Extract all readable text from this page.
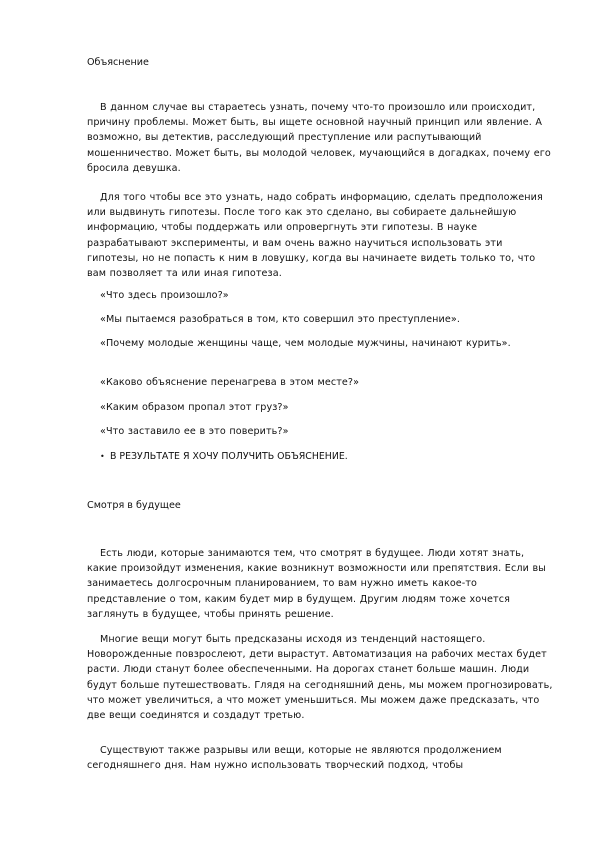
Объяснение

В данном случае вы стараетесь узнать, почему что-то произошло или происходит, причину проблемы. Может быть, вы ищете основной научный принцип или явление. А возможно, вы детектив, расследующий преступление или распутывающий мошенничество. Может быть, вы молодой человек, мучающийся в догадках, почему его бросила девушка.

Для того чтобы все это узнать, надо собрать информацию, сделать предположения или выдвинуть гипотезы. После того как это сделано, вы собираете дальнейшую информацию, чтобы поддержать или опровергнуть эти гипотезы. В науке разрабатывают эксперименты, и вам очень важно научиться использовать эти гипотезы, но не попасть к ним в ловушку, когда вы начинаете видеть только то, что вам позволяет та или иная гипотеза.

«Что здесь произошло?»

«Мы пытаемся разобраться в том, кто совершил это преступление».

«Почему молодые женщины чаще, чем молодые мужчины, начинают курить».

«Каково объяснение перенагрева в этом месте?»

«Каким образом пропал этот груз?»

«Что заставило ее в это поверить?»

• В РЕЗУЛЬТАТЕ Я ХОЧУ ПОЛУЧИТЬ ОБЪЯСНЕНИЕ.

Смотря в будущее

Есть люди, которые занимаются тем, что смотрят в будущее. Люди хотят знать, какие произойдут изменения, какие возникнут возможности или препятствия. Если вы занимаетесь долгосрочным планированием, то вам нужно иметь какое-то представление о том, каким будет мир в будущем. Другим людям тоже хочется заглянуть в будущее, чтобы принять решение.

Многие вещи могут быть предсказаны исходя из тенденций настоящего. Новорожденные повзрослеют, дети вырастут. Автоматизация на рабочих местах будет расти. Люди станут более обеспеченными. На дорогах станет больше машин. Люди будут больше путешествовать. Глядя на сегодняшний день, мы можем прогнозировать, что может увеличиться, а что может уменьшиться. Мы можем даже предсказать, что две вещи соединятся и создадут третью.

Существуют также разрывы или вещи, которые не являются продолжением сегодняшнего дня. Нам нужно использовать творческий подход, чтобы
